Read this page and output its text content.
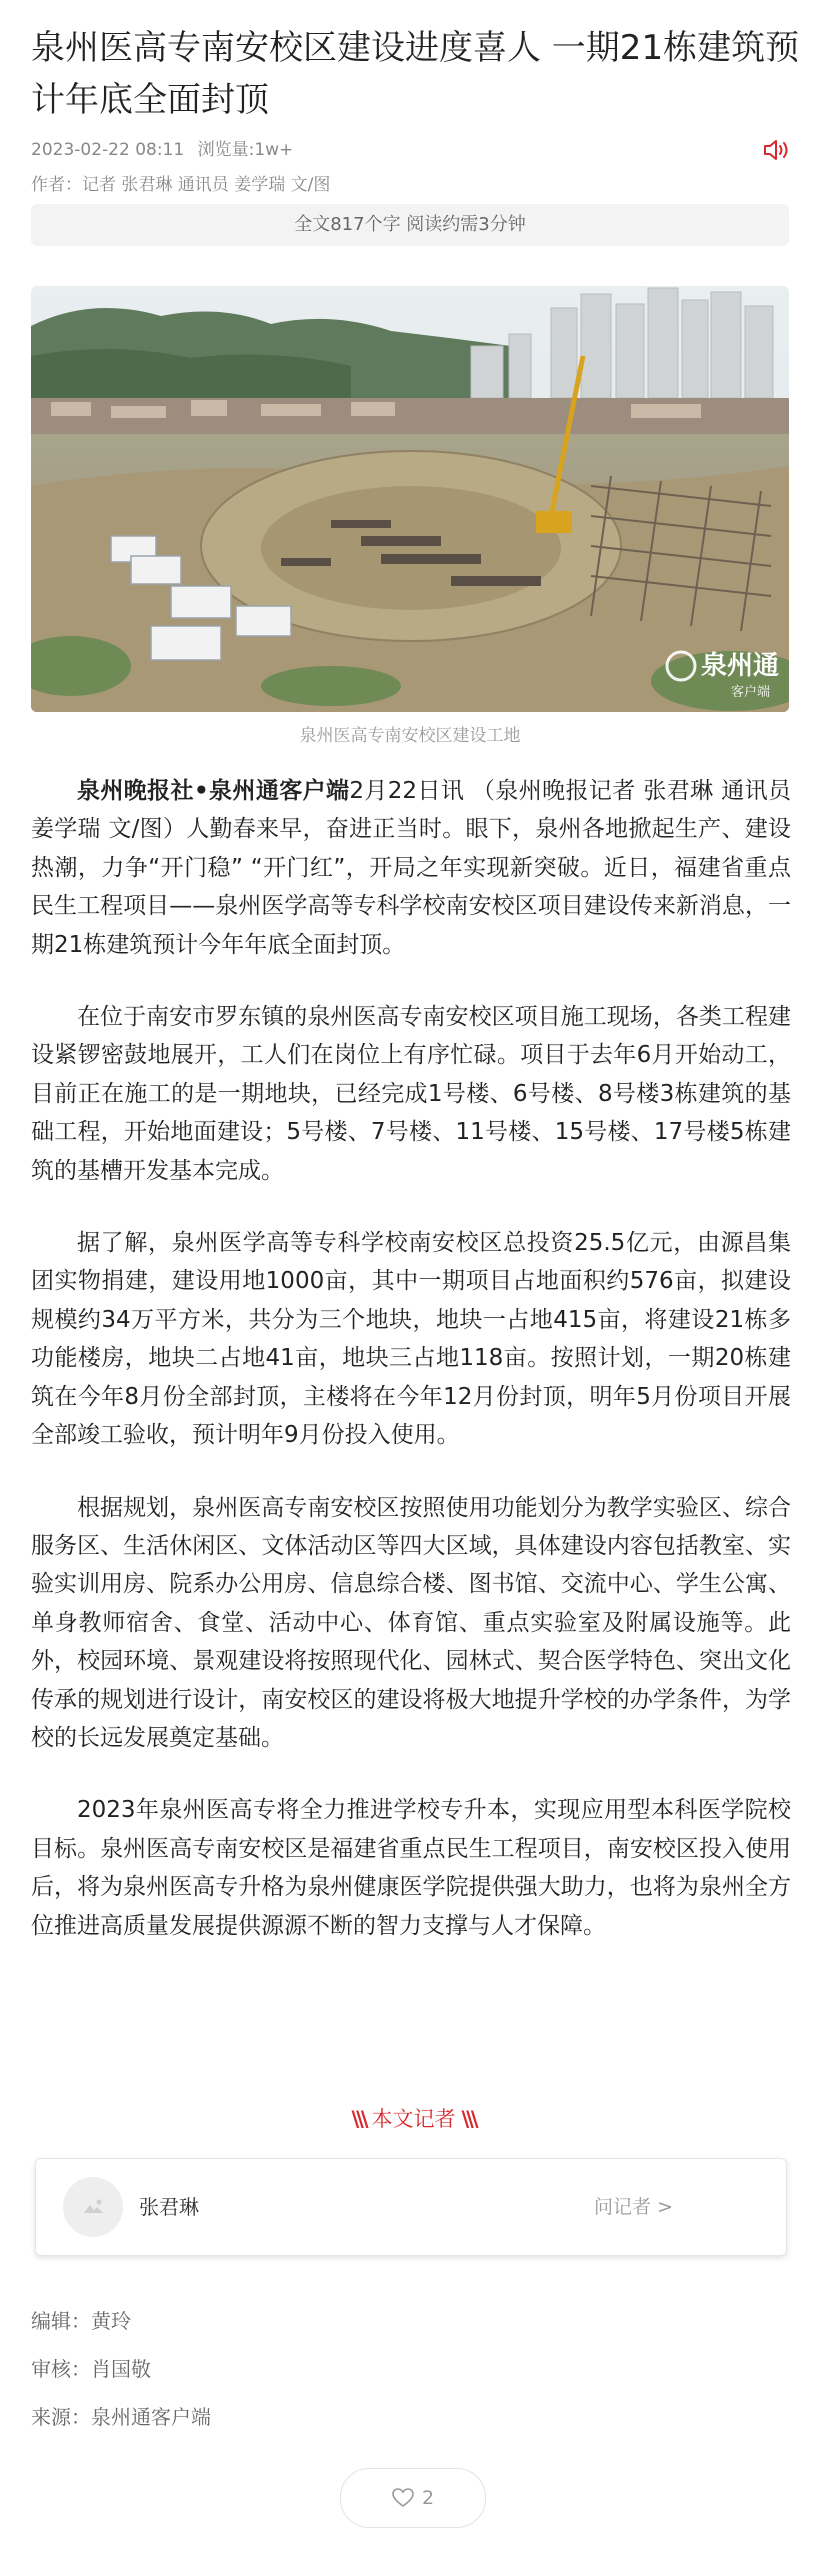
泉州医高专南安校区建设进度喜人 一期21栋建筑预计年底全面封顶
2023-02-22 08:11 浏览量:1w+
作者：记者 张君琳 通讯员 姜学瑞 文/图
全文817个字 阅读约需3分钟
泉州通
客户端
泉州医高专南安校区建设工地

泉州晚报社•泉州通客户端2月22日讯 （泉州晚报记者 张君琳 通讯员 姜学瑞 文/图）人勤春来早，奋进正当时。眼下，泉州各地掀起生产、建设热潮，力争“开门稳” “开门红”，开局之年实现新突破。近日，福建省重点民生工程项目——泉州医学高等专科学校南安校区项目建设传来新消息，一期21栋建筑预计今年年底全面封顶。

在位于南安市罗东镇的泉州医高专南安校区项目施工现场，各类工程建设紧锣密鼓地展开，工人们在岗位上有序忙碌。项目于去年6月开始动工，目前正在施工的是一期地块，已经完成1号楼、6号楼、8号楼3栋建筑的基础工程，开始地面建设；5号楼、7号楼、11号楼、15号楼、17号楼5栋建筑的基槽开发基本完成。

据了解，泉州医学高等专科学校南安校区总投资25.5亿元，由源昌集团实物捐建，建设用地1000亩，其中一期项目占地面积约576亩，拟建设规模约34万平方米，共分为三个地块，地块一占地415亩，将建设21栋多功能楼房，地块二占地41亩，地块三占地118亩。按照计划，一期20栋建筑在今年8月份全部封顶，主楼将在今年12月份封顶，明年5月份项目开展全部竣工验收，预计明年9月份投入使用。

根据规划，泉州医高专南安校区按照使用功能划分为教学实验区、综合服务区、生活休闲区、文体活动区等四大区域，具体建设内容包括教室、实验实训用房、院系办公用房、信息综合楼、图书馆、交流中心、学生公寓、单身教师宿舍、食堂、活动中心、体育馆、重点实验室及附属设施等。此外，校园环境、景观建设将按照现代化、园林式、契合医学特色、突出文化传承的规划进行设计，南安校区的建设将极大地提升学校的办学条件，为学校的长远发展奠定基础。

2023年泉州医高专将全力推进学校专升本，实现应用型本科医学院校目标。泉州医高专南安校区是福建省重点民生工程项目，南安校区投入使用后，将为泉州医高专升格为泉州健康医学院提供强大助力，也将为泉州全方位推进高质量发展提供源源不断的智力支撑与人才保障。

\\\ 本文记者 \\\
张君琳	问记者 >
编辑：黄玲
审核：肖国敬
来源：泉州通客户端
2
